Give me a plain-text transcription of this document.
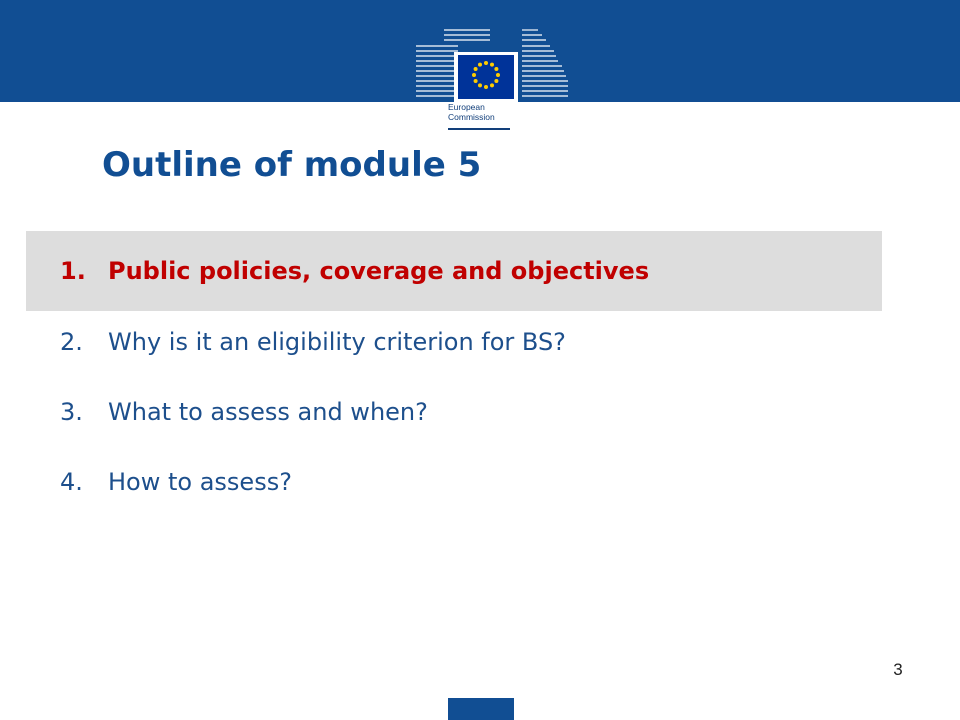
European
Commission
Outline of module 5
1. Public policies, coverage and objectives
2.	Why is it an eligibility criterion for BS?
3.	What to assess and when?
4.	How to assess?
3
